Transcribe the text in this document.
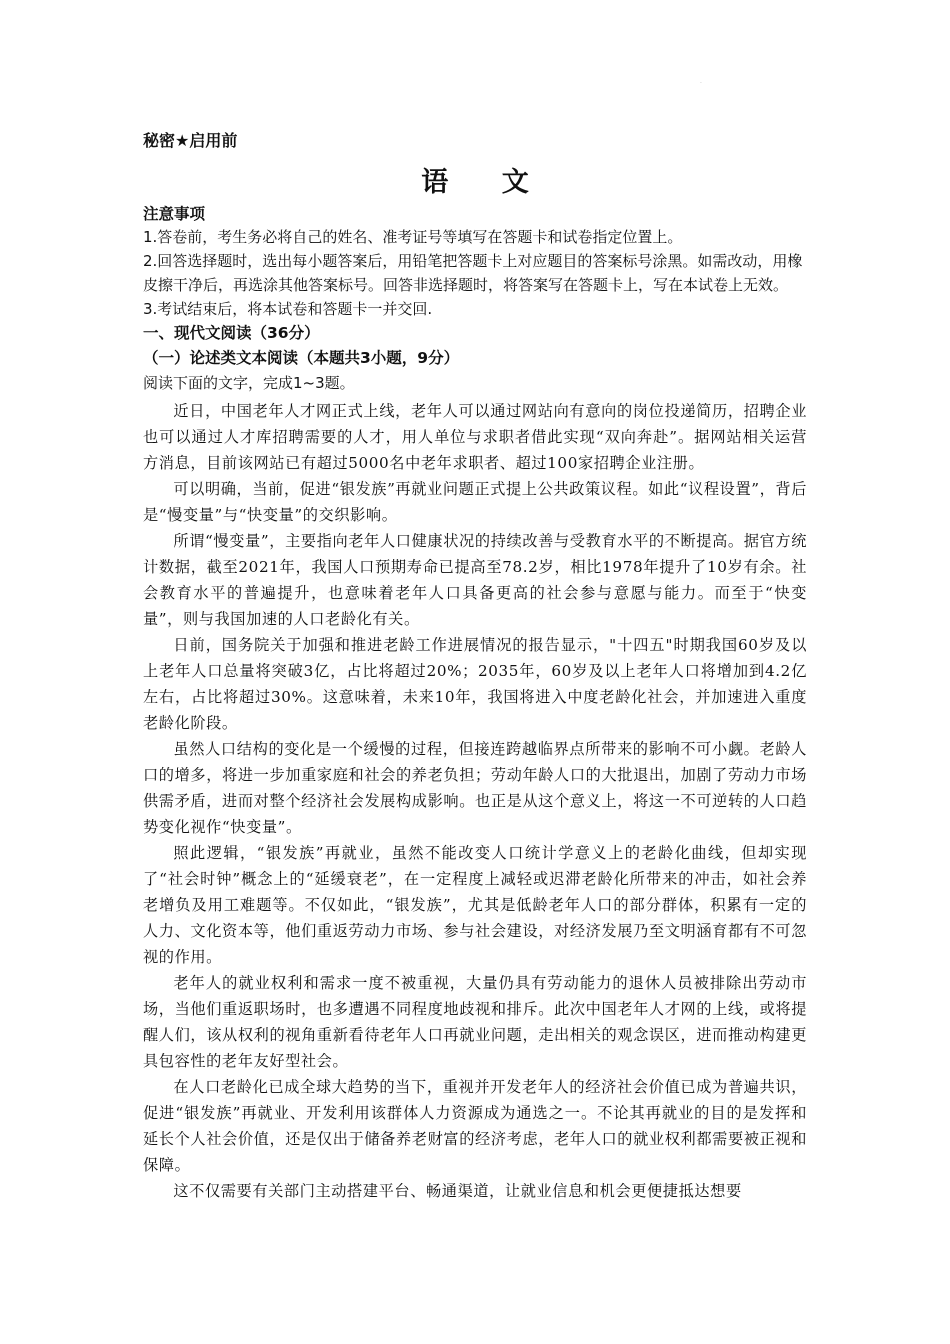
.
秘密★启用前
语 文

注意事项

1.答卷前，考生务必将自己的姓名、准考证号等填写在答题卡和试卷指定位置上。

2.回答选择题时，选出每小题答案后，用铅笔把答题卡上对应题目的答案标号涂黑。如需改动，用橡皮擦干净后，再选涂其他答案标号。回答非选择题时，将答案写在答题卡上，写在本试卷上无效。

3.考试结束后，将本试卷和答题卡一并交回.

一、现代文阅读（36分）

（一）论述类文本阅读（本题共3小题，9分）

阅读下面的文字，完成1~3题。

近日，中国老年人才网正式上线，老年人可以通过网站向有意向的岗位投递简历，招聘企业也可以通过人才库招聘需要的人才，用人单位与求职者借此实现“双向奔赴”。据网站相关运营方消息，目前该网站已有超过5000名中老年求职者、超过100家招聘企业注册。

可以明确，当前，促进“银发族”再就业问题正式提上公共政策议程。如此“议程设置”，背后是“慢变量”与“快变量”的交织影响。

所谓“慢变量”，主要指向老年人口健康状况的持续改善与受教育水平的不断提高。据官方统计数据，截至2021年，我国人口预期寿命已提高至78.2岁，相比1978年提升了10岁有余。社会教育水平的普遍提升，也意味着老年人口具备更高的社会参与意愿与能力。而至于“快变量”，则与我国加速的人口老龄化有关。

日前，国务院关于加强和推进老龄工作进展情况的报告显示，"十四五"时期我国60岁及以上老年人口总量将突破3亿，占比将超过20%；2035年，60岁及以上老年人口将增加到4.2亿左右，占比将超过30%。这意味着，未来10年，我国将进入中度老龄化社会，并加速进入重度老龄化阶段。

虽然人口结构的变化是一个缓慢的过程，但接连跨越临界点所带来的影响不可小觑。老龄人口的增多，将进一步加重家庭和社会的养老负担；劳动年龄人口的大批退出，加剧了劳动力市场供需矛盾，进而对整个经济社会发展构成影响。也正是从这个意义上，将这一不可逆转的人口趋势变化视作“快变量”。

照此逻辑，“银发族”再就业，虽然不能改变人口统计学意义上的老龄化曲线，但却实现了“社会时钟”概念上的“延缓衰老”，在一定程度上减轻或迟滞老龄化所带来的冲击，如社会养老增负及用工难题等。不仅如此，“银发族”，尤其是低龄老年人口的部分群体，积累有一定的人力、文化资本等，他们重返劳动力市场、参与社会建设，对经济发展乃至文明涵育都有不可忽视的作用。

老年人的就业权利和需求一度不被重视，大量仍具有劳动能力的退休人员被排除出劳动市场，当他们重返职场时，也多遭遇不同程度地歧视和排斥。此次中国老年人才网的上线，或将提醒人们，该从权利的视角重新看待老年人口再就业问题，走出相关的观念误区，进而推动构建更具包容性的老年友好型社会。

在人口老龄化已成全球大趋势的当下，重视并开发老年人的经济社会价值已成为普遍共识，促进“银发族”再就业、开发利用该群体人力资源成为通选之一。不论其再就业的目的是发挥和延长个人社会价值，还是仅出于储备养老财富的经济考虑，老年人口的就业权利都需要被正视和保障。

这不仅需要有关部门主动搭建平台、畅通渠道，让就业信息和机会更便捷抵达想要
